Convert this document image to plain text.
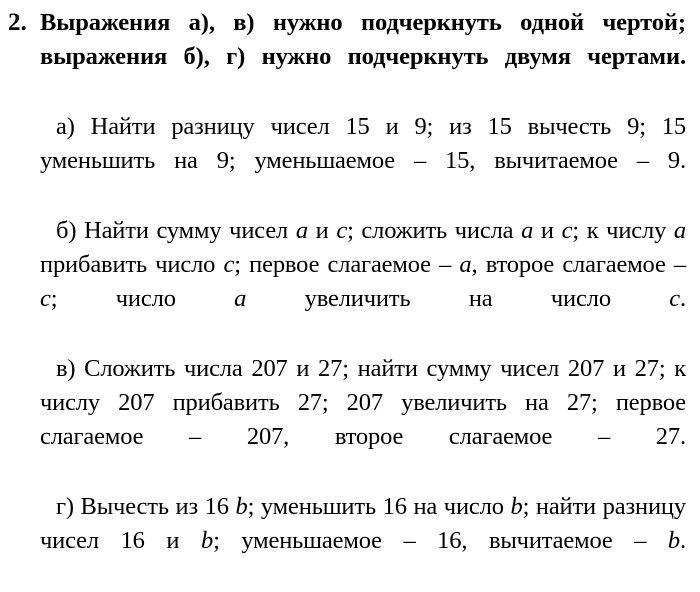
2. Выражения а), в) нужно подчеркнуть одной чертой; выражения б), г) нужно подчеркнуть двумя чертами.

а) Найти разницу чисел 15 и 9; из 15 вычесть 9; 15 уменьшить на 9; уменьшаемое – 15, вычитаемое – 9.

б) Найти сумму чисел a и c; сложить числа a и c; к числу a прибавить число c; первое слагаемое – a, второе слагаемое – c; число a увеличить на число c.

в) Сложить числа 207 и 27; найти сумму чисел 207 и 27; к числу 207 прибавить 27; 207 увеличить на 27; первое слагаемое – 207, второе слагаемое – 27.

г) Вычесть из 16 b; уменьшить 16 на число b; найти разницу чисел 16 и b; уменьшаемое – 16, вычитаемое – b.
